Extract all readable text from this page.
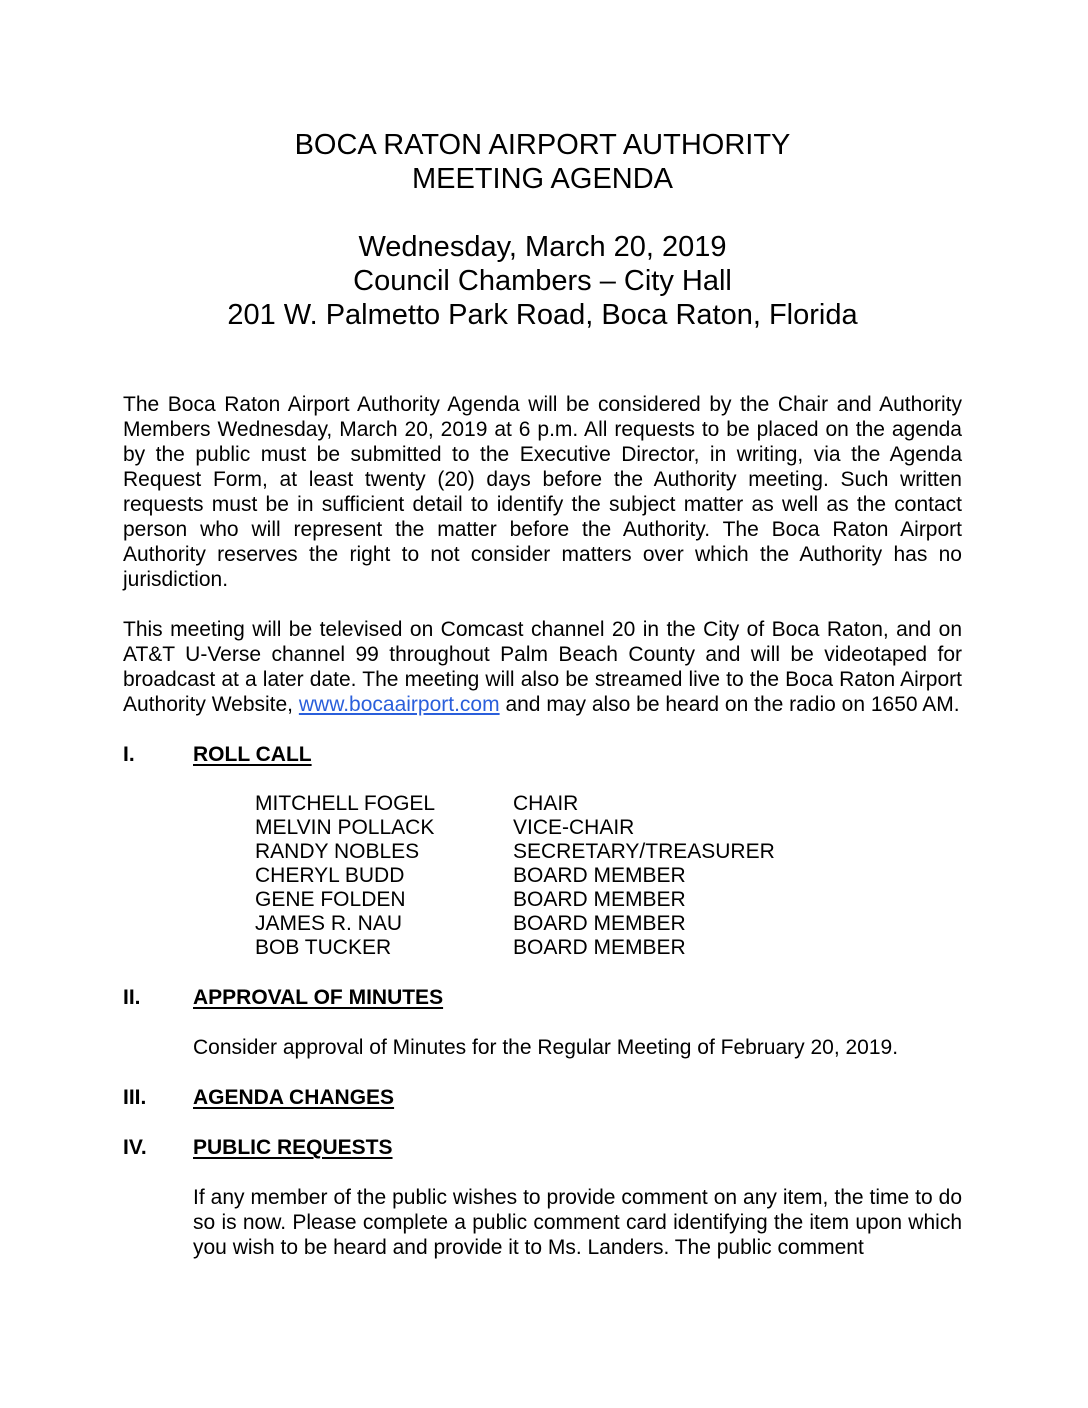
BOCA RATON AIRPORT AUTHORITY
MEETING AGENDA
Wednesday, March 20, 2019
Council Chambers – City Hall
201 W. Palmetto Park Road, Boca Raton, Florida

The Boca Raton Airport Authority Agenda will be considered by the Chair and Authority Members Wednesday, March 20, 2019 at 6 p.m. All requests to be placed on the agenda by the public must be submitted to the Executive Director, in writing, via the Agenda Request Form, at least twenty (20) days before the Authority meeting. Such written requests must be in sufficient detail to identify the subject matter as well as the contact person who will represent the matter before the Authority. The Boca Raton Airport Authority reserves the right to not consider matters over which the Authority has no jurisdiction.

This meeting will be televised on Comcast channel 20 in the City of Boca Raton, and on AT&T U-Verse channel 99 throughout Palm Beach County and will be videotaped for broadcast at a later date. The meeting will also be streamed live to the Boca Raton Airport Authority Website, www.bocaairport.com and may also be heard on the radio on 1650 AM.

I.	ROLL CALL
MITCHELL FOGEL	CHAIR
MELVIN POLLACK	VICE-CHAIR
RANDY NOBLES	SECRETARY/TREASURER
CHERYL BUDD	BOARD MEMBER
GENE FOLDEN	BOARD MEMBER
JAMES R. NAU	BOARD MEMBER
BOB TUCKER	BOARD MEMBER
II.	APPROVAL OF MINUTES

Consider approval of Minutes for the Regular Meeting of February 20, 2019.

III.	AGENDA CHANGES
IV.	PUBLIC REQUESTS

If any member of the public wishes to provide comment on any item, the time to do so is now. Please complete a public comment card identifying the item upon which you wish to be heard and provide it to Ms. Landers. The public comment
